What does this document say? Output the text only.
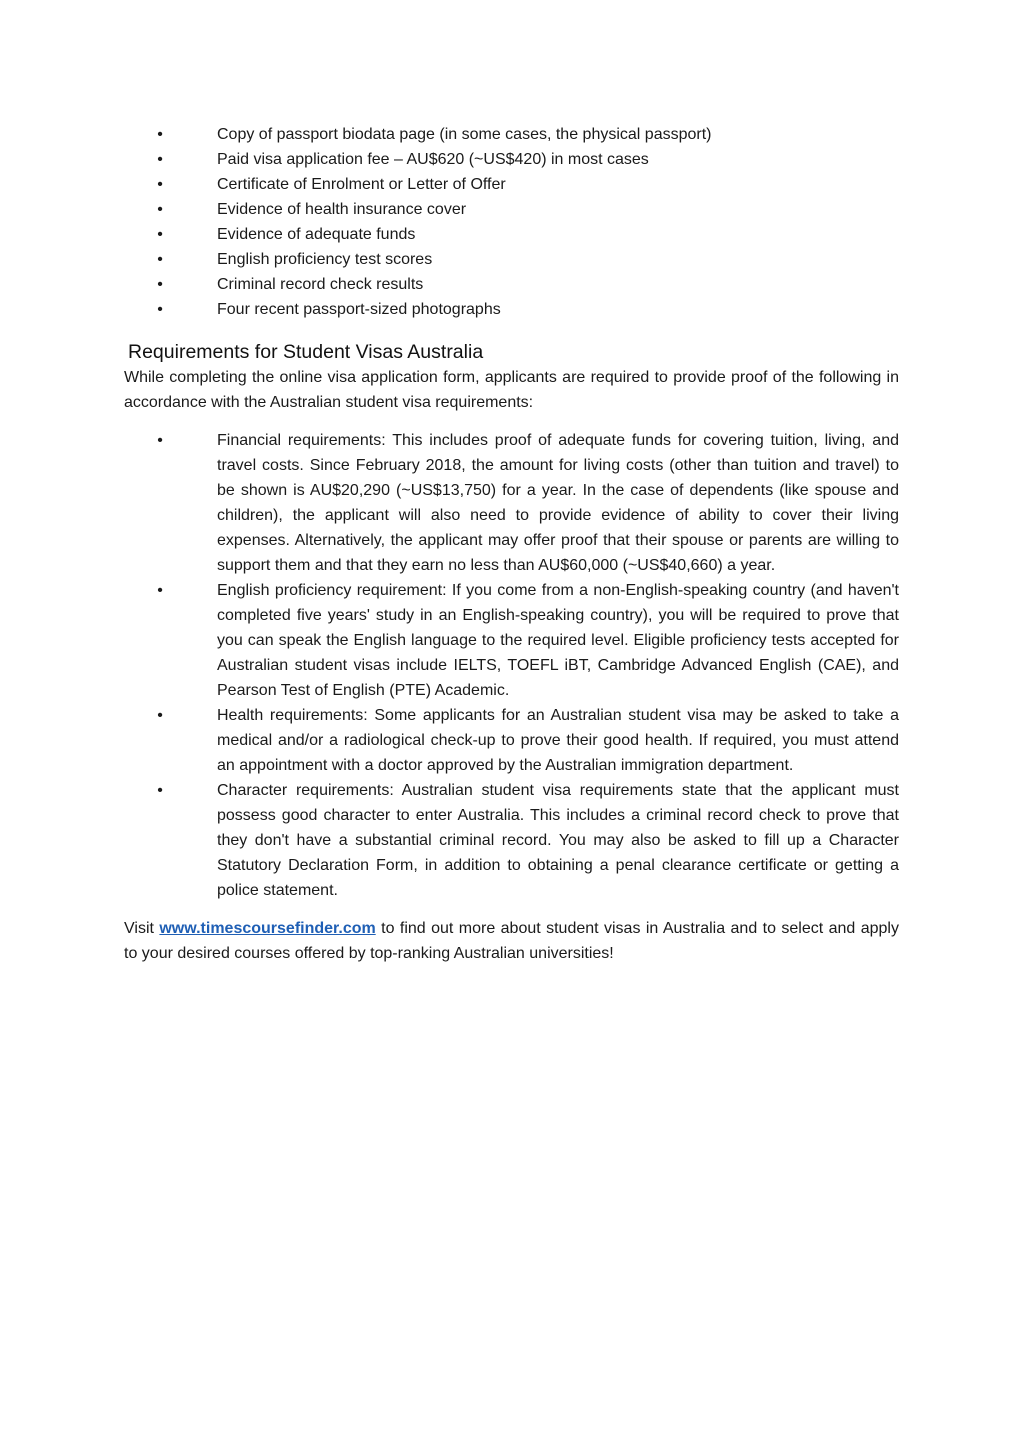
•	Copy of passport biodata page (in some cases, the physical passport)
•	Paid visa application fee – AU$620 (~US$420) in most cases
•	Certificate of Enrolment or Letter of Offer
•	Evidence of health insurance cover
•	Evidence of adequate funds
•	English proficiency test scores
•	Criminal record check results
•	Four recent passport-sized photographs
Requirements for Student Visas Australia

While completing the online visa application form, applicants are required to provide proof of the following in accordance with the Australian student visa requirements:

•	Financial requirements: This includes proof of adequate funds for covering tuition, living, and travel costs. Since February 2018, the amount for living costs (other than tuition and travel) to be shown is AU$20,290 (~US$13,750) for a year. In the case of dependents (like spouse and children), the applicant will also need to provide evidence of ability to cover their living expenses. Alternatively, the applicant may offer proof that their spouse or parents are willing to support them and that they earn no less than AU$60,000 (~US$40,660) a year.
•	English proficiency requirement: If you come from a non-English-speaking country (and haven't completed five years' study in an English-speaking country), you will be required to prove that you can speak the English language to the required level. Eligible proficiency tests accepted for Australian student visas include IELTS, TOEFL iBT, Cambridge Advanced English (CAE), and Pearson Test of English (PTE) Academic.
•	Health requirements: Some applicants for an Australian student visa may be asked to take a medical and/or a radiological check-up to prove their good health. If required, you must attend an appointment with a doctor approved by the Australian immigration department.
•	Character requirements: Australian student visa requirements state that the applicant must possess good character to enter Australia. This includes a criminal record check to prove that they don't have a substantial criminal record. You may also be asked to fill up a Character Statutory Declaration Form, in addition to obtaining a penal clearance certificate or getting a police statement.

Visit www.timescoursefinder.com to find out more about student visas in Australia and to select and apply to your desired courses offered by top-ranking Australian universities!
